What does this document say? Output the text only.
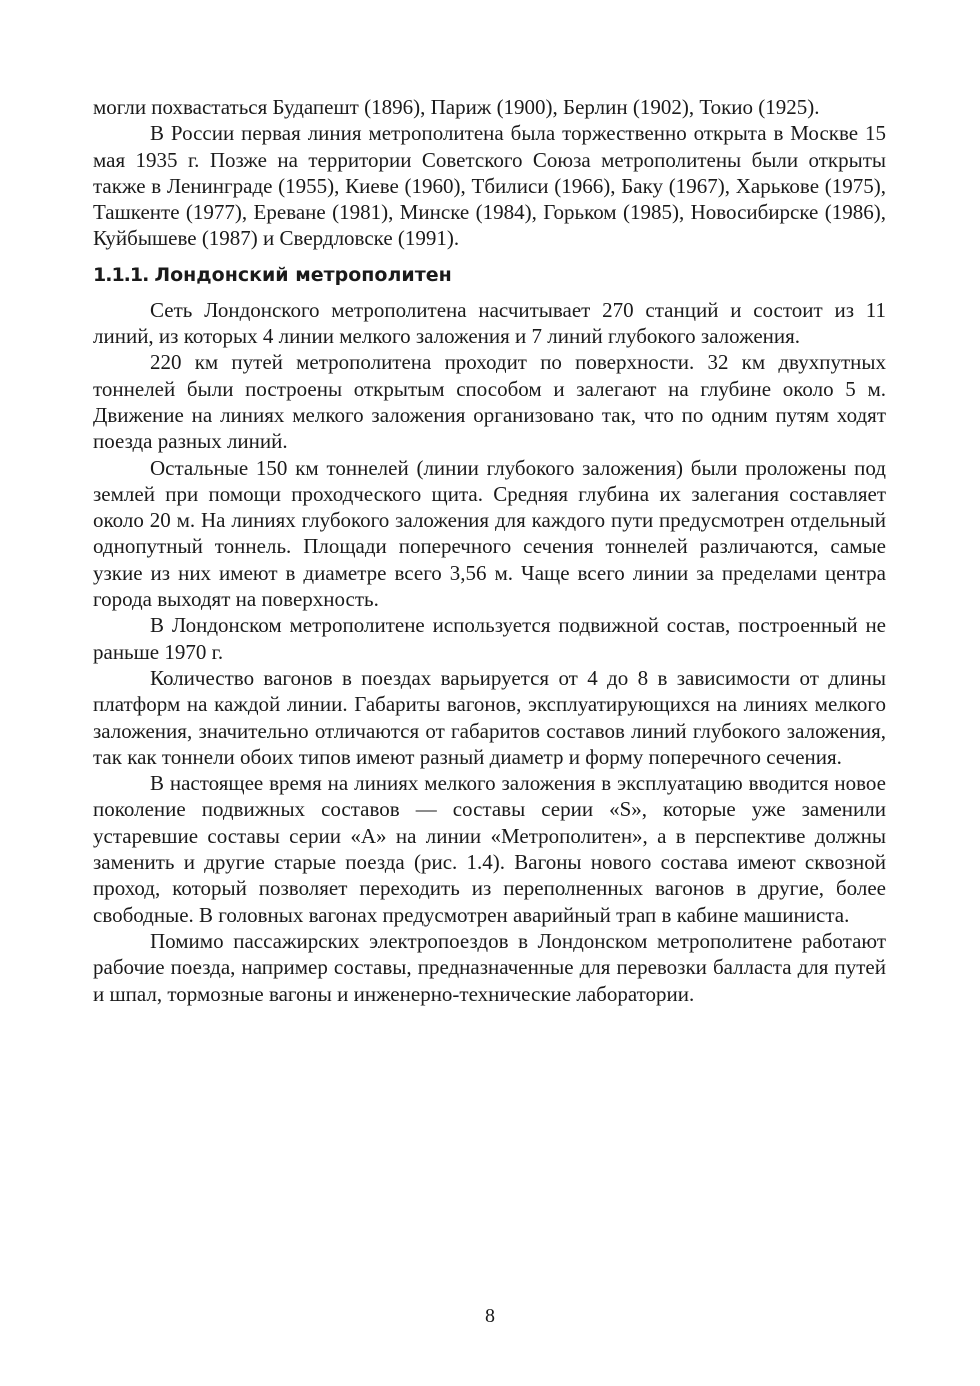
могли похвастаться Будапешт (1896), Париж (1900), Берлин (1902), Токио (1925).

В России первая линия метрополитена была торжественно открыта в Москве 15 мая 1935 г. Позже на территории Советского Союза метрополитены были открыты также в Ленинграде (1955), Киеве (1960), Тбилиси (1966), Баку (1967), Харькове (1975), Ташкенте (1977), Ереване (1981), Минске (1984), Горьком (1985), Новосибирске (1986), Куйбышеве (1987) и Свердловске (1991).

1.1.1. Лондонский метрополитен

Сеть Лондонского метрополитена насчитывает 270 станций и состоит из 11 линий, из которых 4 линии мелкого заложения и 7 линий глубокого заложения.

220 км путей метрополитена проходит по поверхности. 32 км двухпутных тоннелей были построены открытым способом и залегают на глубине около 5 м. Движение на линиях мелкого заложения организовано так, что по одним путям ходят поезда разных линий.

Остальные 150 км тоннелей (линии глубокого заложения) были проложены под землей при помощи проходческого щита. Средняя глубина их залегания составляет около 20 м. На линиях глубокого заложения для каждого пути предусмотрен отдельный однопутный тоннель. Площади поперечного сечения тоннелей различаются, самые узкие из них имеют в диаметре всего 3,56 м. Чаще всего линии за пределами центра города выходят на поверхность.

В Лондонском метрополитене используется подвижной состав, построенный не раньше 1970 г.

Количество вагонов в поездах варьируется от 4 до 8 в зависимости от длины платформ на каждой линии. Габариты вагонов, эксплуатирующихся на линиях мелкого заложения, значительно отличаются от габаритов составов линий глубокого заложения, так как тоннели обоих типов имеют разный диаметр и форму поперечного сечения.

В настоящее время на линиях мелкого заложения в эксплуатацию вводится новое поколение подвижных составов — составы серии «S», которые уже заменили устаревшие составы серии «A» на линии «Метрополитен», а в перспективе должны заменить и другие старые поезда (рис. 1.4). Вагоны нового состава имеют сквозной проход, который позволяет переходить из переполненных вагонов в другие, более свободные. В головных вагонах предусмотрен аварийный трап в кабине машиниста.

Помимо пассажирских электропоездов в Лондонском метрополитене работают рабочие поезда, например составы, предназначенные для перевозки балласта для путей и шпал, тормозные вагоны и инженерно-технические лаборатории.

8
